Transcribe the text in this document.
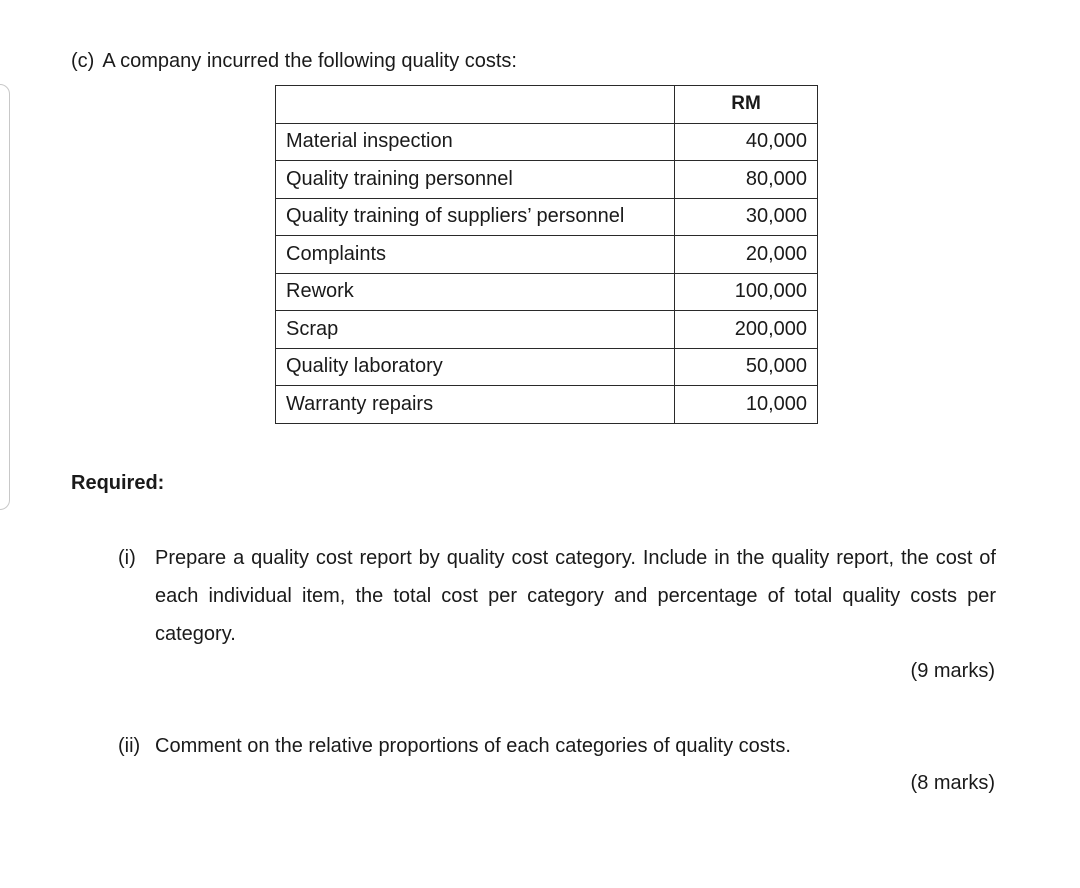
(c) A company incurred the following quality costs:
	RM
Material inspection	40,000
Quality training personnel	80,000
Quality training of suppliers’ personnel	30,000
Complaints	20,000
Rework	100,000
Scrap	200,000
Quality laboratory	50,000
Warranty repairs	10,000
Required:
(i) Prepare a quality cost report by quality cost category. Include in the quality report, the cost of each individual item, the total cost per category and percentage of total quality costs per category.
(9 marks)
(ii) Comment on the relative proportions of each categories of quality costs.
(8 marks)
